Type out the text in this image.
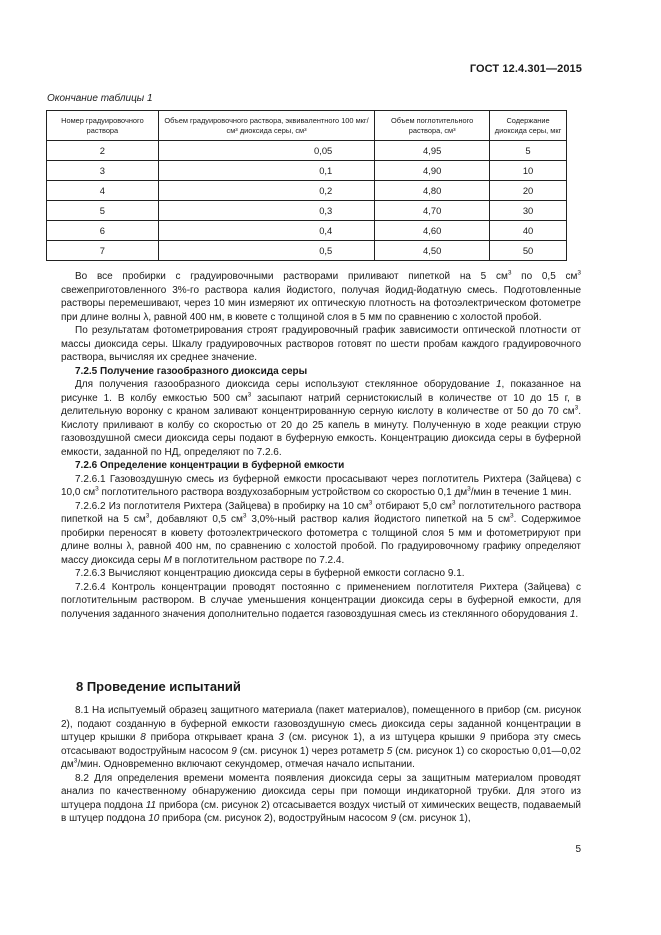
ГОСТ 12.4.301—2015
Окончание таблицы 1
Номер градуировочного раствора	Объем градуировочного раствора, эквивалентного 100 мкг/см³ диоксида серы, см³	Объем поглотительного раствора, см³	Содержание диоксида серы, мкг
2	0,05	4,95	5
3	0,1	4,90	10
4	0,2	4,80	20
5	0,3	4,70	30
6	0,4	4,60	40
7	0,5	4,50	50

Во все пробирки с градуировочными растворами приливают пипеткой на 5 $см^3$ по 0,5 $см^3$ свежеприготовленного 3%-го раствора калия йодистого, получая йодид-йодатную смесь. Подготовленные растворы перемешивают, через 10 мин измеряют их оптическую плотность на фотоэлектрическом фотометре при длине волны λ, равной 400 нм, в кювете с толщиной слоя в 5 мм по сравнению с холостой пробой.

По результатам фотометрирования строят градуировочный график зависимости оптической плотности от массы диоксида серы. Шкалу градуировочных растворов готовят по шести пробам каждого градуировочного раствора, вычисляя их среднее значение.

7.2.5 Получение газообразного диоксида серы

Для получения газообразного диоксида серы используют стеклянное оборудование 1, показанное на рисунке 1. В колбу емкостью 500 $см^3$ засыпают натрий сернистокислый в количестве от 10 до 15 г, в делительную воронку с краном заливают концентрированную серную кислоту в количестве от 50 до 70 $см^3$. Кислоту приливают в колбу со скоростью от 20 до 25 капель в минуту. Полученную в ходе реакции струю газовоздушной смеси диоксида серы подают в буферную емкость. Концентрацию диоксида серы в буферной емкости, заданной по НД, определяют по 7.2.6.

7.2.6 Определение концентрации в буферной емкости

7.2.6.1 Газовоздушную смесь из буферной емкости просасывают через поглотитель Рихтера (Зайцева) с 10,0 $см^3$ поглотительного раствора воздухозаборным устройством со скоростью 0,1 $дм^3$/мин в течение 1 мин.

7.2.6.2 Из поглотителя Рихтера (Зайцева) в пробирку на 10 $см^3$ отбирают 5,0 $см^3$ поглотительного раствора пипеткой на 5 $см^3$, добавляют 0,5 $см^3$ 3,0%-ный раствор калия йодистого пипеткой на 5 $см^3$. Содержимое пробирки переносят в кювету фотоэлектрического фотометра с толщиной слоя 5 мм и фотометрируют при длине волны λ, равной 400 нм, по сравнению с холостой пробой. По градуировочному графику определяют массу диоксида серы М в поглотительном растворе по 7.2.4.

7.2.6.3 Вычисляют концентрацию диоксида серы в буферной емкости согласно 9.1.

7.2.6.4 Контроль концентрации проводят постоянно с применением поглотителя Рихтера (Зайцева) с поглотительным раствором. В случае уменьшения концентрации диоксида серы в буферной емкости, для получения заданного значения дополнительно подается газовоздушная смесь из стеклянного оборудования 1.

8 Проведение испытаний

8.1 На испытуемый образец защитного материала (пакет материалов), помещенного в прибор (см. рисунок 2), подают созданную в буферной емкости газовоздушную смесь диоксида серы заданной концентрации в штуцер крышки 8 прибора открывает крана 3 (см. рисунок 1), а из штуцера крышки 9 прибора эту смесь отсасывают водоструйным насосом 9 (см. рисунок 1) через ротаметр 5 (см. рисунок 1) со скоростью 0,01—0,02 $дм^3$/мин. Одновременно включают секундомер, отмечая начало испытании.

8.2 Для определения времени момента появления диоксида серы за защитным материалом проводят анализ по качественному обнаружению диоксида серы при помощи индикаторной трубки. Для этого из штуцера поддона 11 прибора (см. рисунок 2) отсасывается воздух чистый от химических веществ, подаваемый в штуцер поддона 10 прибора (см. рисунок 2), водоструйным насосом 9 (см. рисунок 1),

5
